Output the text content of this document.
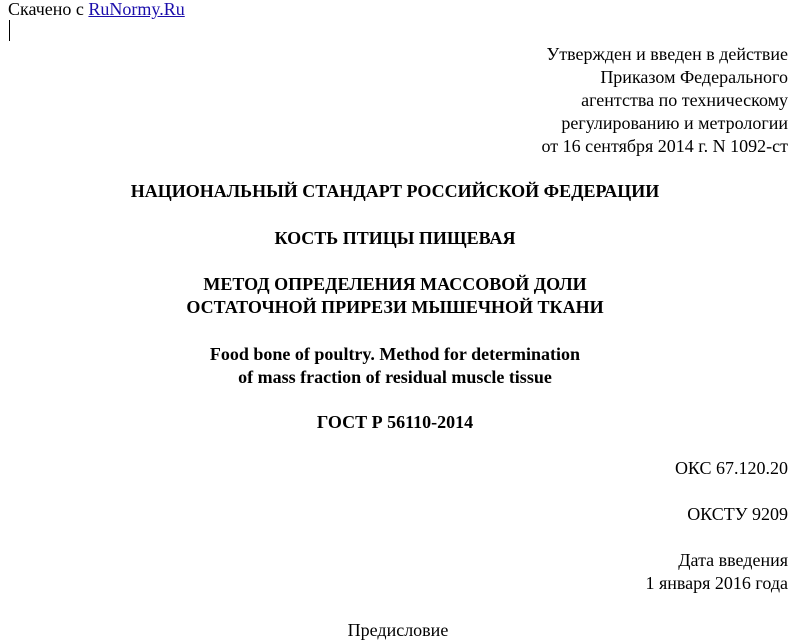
Скачено с RuNormy.Ru
Утвержден и введен в действие
Приказом Федерального
агентства по техническому
регулированию и метрологии
от 16 сентября 2014 г. N 1092-ст
НАЦИОНАЛЬНЫЙ СТАНДАРТ РОССИЙСКОЙ ФЕДЕРАЦИИ
КОСТЬ ПТИЦЫ ПИЩЕВАЯ
МЕТОД ОПРЕДЕЛЕНИЯ МАССОВОЙ ДОЛИ
ОСТАТОЧНОЙ ПРИРЕЗИ МЫШЕЧНОЙ ТКАНИ
Food bone of poultry. Method for determination
of mass fraction of residual muscle tissue
ГОСТ Р 56110-2014
ОКС 67.120.20
ОКСТУ 9209
Дата введения
1 января 2016 года
Предисловие
